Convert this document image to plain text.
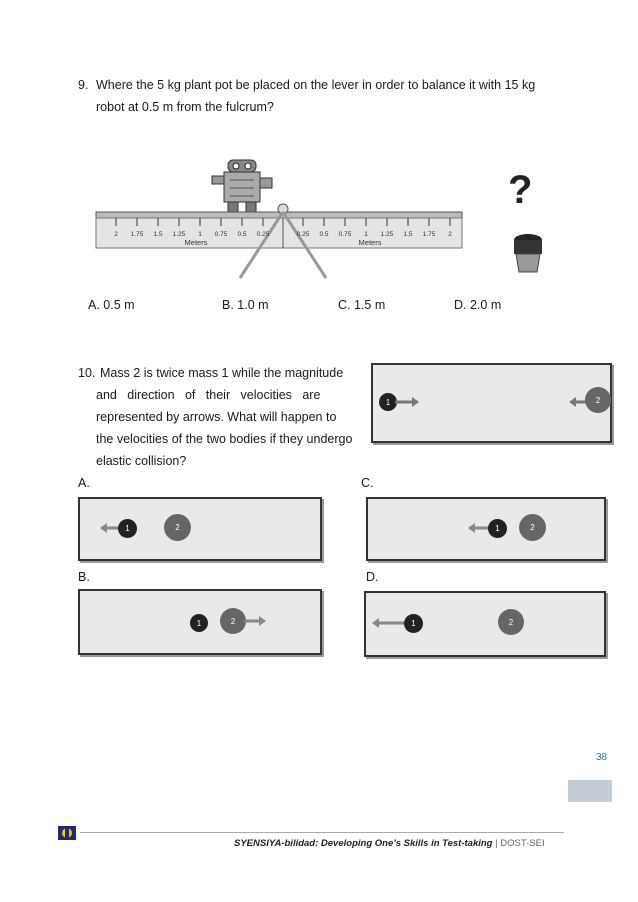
9. Where the 5 kg plant pot be placed on the lever in order to balance it with 15 kg
robot at 0.5 m from the fulcrum?
2 1.75 1.5 1.25 1 0.75 0.5 0.25	0.25 0.5 0.75 1 1.25 1.5 1.75 2
Meters	Meters
?
A. 0.5 m	B. 1.0 m	C. 1.5 m	D. 2.0 m
10. Mass 2 is twice mass 1 while the magnitude
and   direction   of   their   velocities   are
represented by arrows. What will happen to
the velocities of the two bodies if they undergo
elastic collision?
1	2
A.
1	2
C.
1	2
B.
1	2
D.
1	2
38
SYENSIYA-bilidad: Developing One’s Skills in Test-taking | DOST-SEI
